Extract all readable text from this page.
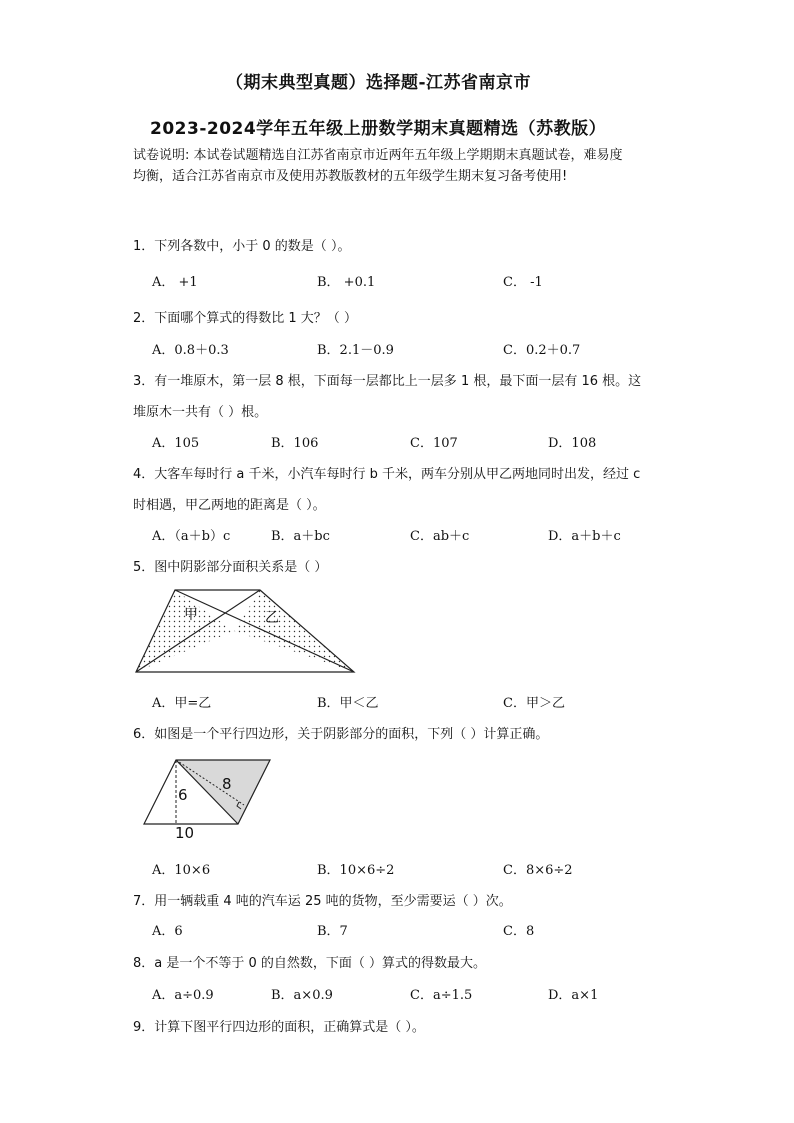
（期末典型真题）选择题-江苏省南京市
2023-2024学年五年级上册数学期末真题精选（苏教版）
试卷说明: 本试卷试题精选自江苏省南京市近两年五年级上学期期末真题试卷，难易度
均衡，适合江苏省南京市及使用苏教版教材的五年级学生期末复习备考使用!
1．下列各数中，小于 0 的数是（ ）。
A． +1	B． +0.1	C． -1
2．下面哪个算式的得数比 1 大？（ ）
A．0.8＋0.3	B．2.1－0.9	C．0.2＋0.7
3．有一堆原木，第一层 8 根，下面每一层都比上一层多 1 根，最下面一层有 16 根。这
堆原木一共有（ ）根。
A．105	B．106	C．107	D．108
4．大客车每时行 a 千米，小汽车每时行 b 千米，两车分别从甲乙两地同时出发，经过 c
时相遇，甲乙两地的距离是（ ）。
A．（a＋b）c	B．a＋bc	C．ab＋c	D．a＋b＋c
5．图中阴影部分面积关系是（ ）
甲	乙
A．甲=乙	B．甲＜乙	C．甲＞乙
6．如图是一个平行四边形，关于阴影部分的面积，下列（ ）计算正确。
8
6
10
A．10×6	B．10×6÷2	C．8×6÷2
7．用一辆载重 4 吨的汽车运 25 吨的货物，至少需要运（ ）次。
A．6	B．7	C．8
8．a 是一个不等于 0 的自然数，下面（ ）算式的得数最大。
A．a÷0.9	B．a×0.9	C．a÷1.5	D．a×1
9．计算下图平行四边形的面积，正确算式是（ ）。
